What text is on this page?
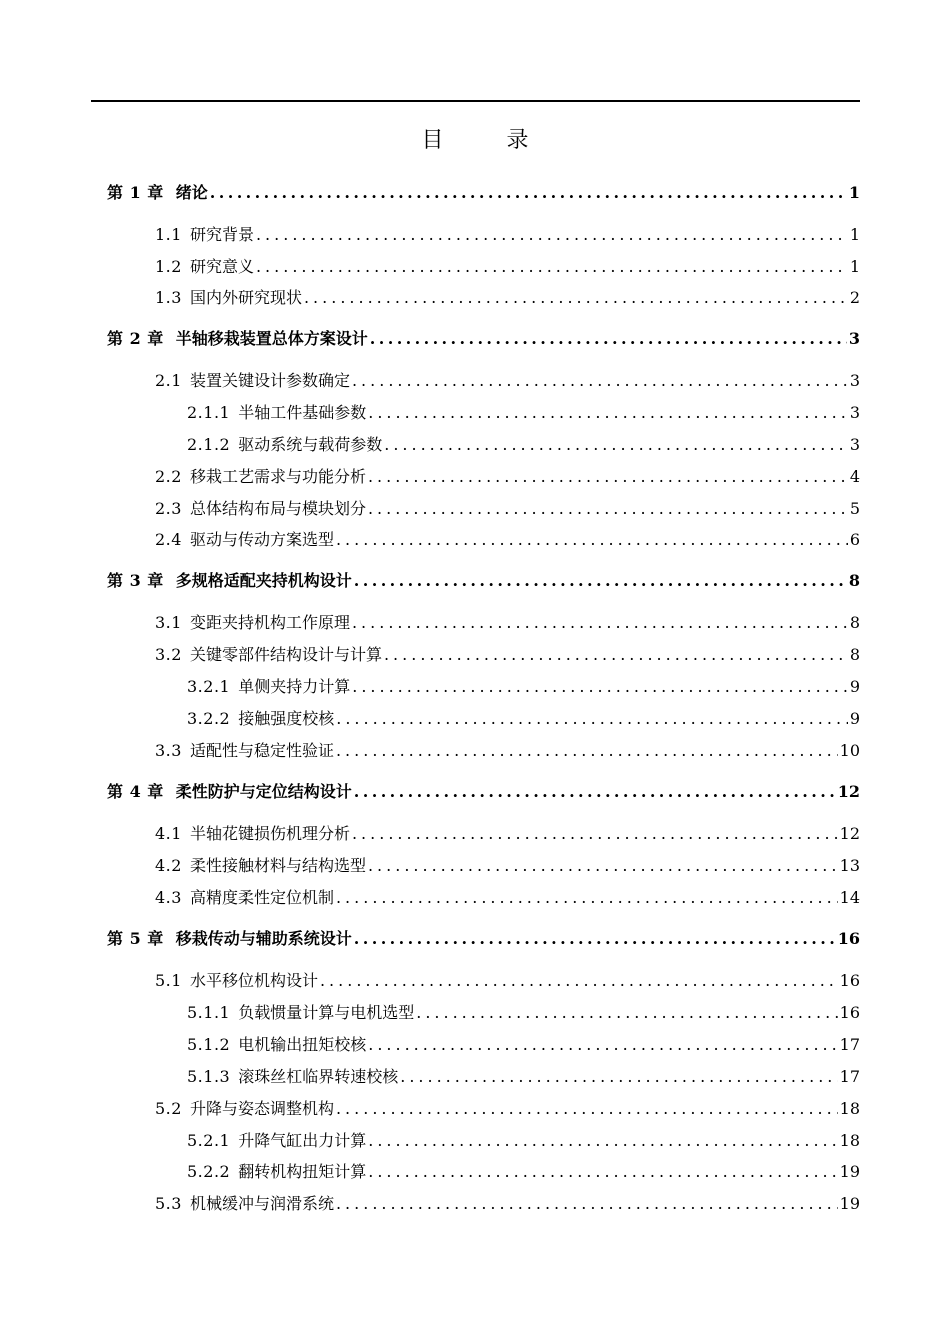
目 录
第 1 章 绪论 .....	1
1.1 研究背景 .....	1
1.2 研究意义 .....	1
1.3 国内外研究现状 .....	2
第 2 章 半轴移栽装置总体方案设计 .....	3
2.1 装置关键设计参数确定 .....	3
2.1.1 半轴工件基础参数 .....	3
2.1.2 驱动系统与载荷参数 .....	3
2.2 移栽工艺需求与功能分析 .....	4
2.3 总体结构布局与模块划分 .....	5
2.4 驱动与传动方案选型 .....	6
第 3 章 多规格适配夹持机构设计 .....	8
3.1 变距夹持机构工作原理 .....	8
3.2 关键零部件结构设计与计算 .....	8
3.2.1 单侧夹持力计算 .....	9
3.2.2 接触强度校核 .....	9
3.3 适配性与稳定性验证 .....	10
第 4 章 柔性防护与定位结构设计 .....	12
4.1 半轴花键损伤机理分析 .....	12
4.2 柔性接触材料与结构选型 .....	13
4.3 高精度柔性定位机制 .....	14
第 5 章 移栽传动与辅助系统设计 .....	16
5.1 水平移位机构设计 .....	16
5.1.1 负载惯量计算与电机选型 .....	16
5.1.2 电机输出扭矩校核 .....	17
5.1.3 滚珠丝杠临界转速校核 .....	17
5.2 升降与姿态调整机构 .....	18
5.2.1 升降气缸出力计算 .....	18
5.2.2 翻转机构扭矩计算 .....	19
5.3 机械缓冲与润滑系统 .....	19
